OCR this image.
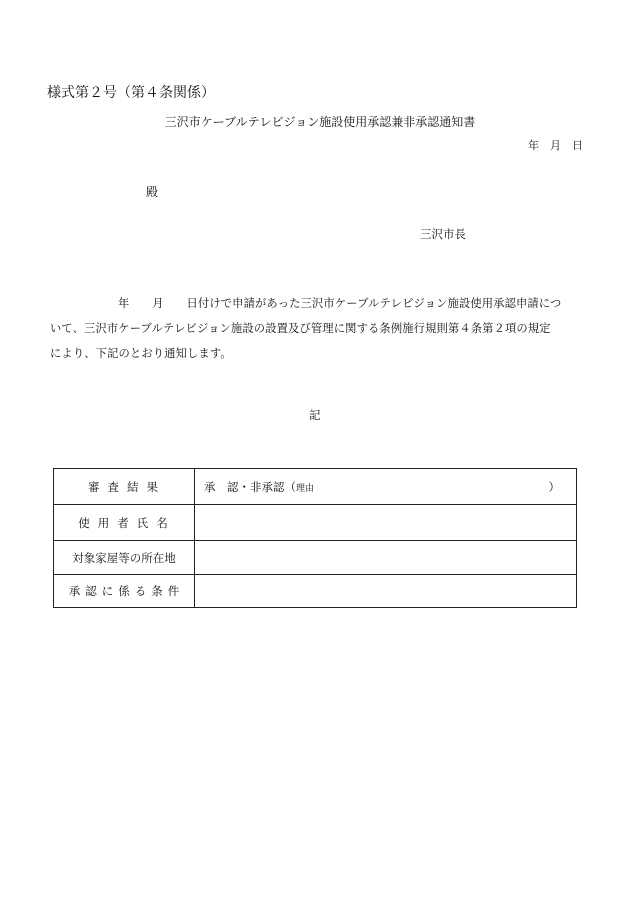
様式第２号（第４条関係）
三沢市ケーブルテレビジョン施設使用承認兼非承認通知書
年　月　日
殿
三沢市長
年　　月　　日付けで申請があった三沢市ケーブルテレビジョン施設使用承認申請につ
いて、三沢市ケーブルテレビジョン施設の設置及び管理に関する条例施行規則第４条第２項の規定
により、下記のとおり通知します。
記
審査結果	承　認・非承認（理由 ）

使用者氏名	
対象家屋等の所在地	
承認に係る条件	
